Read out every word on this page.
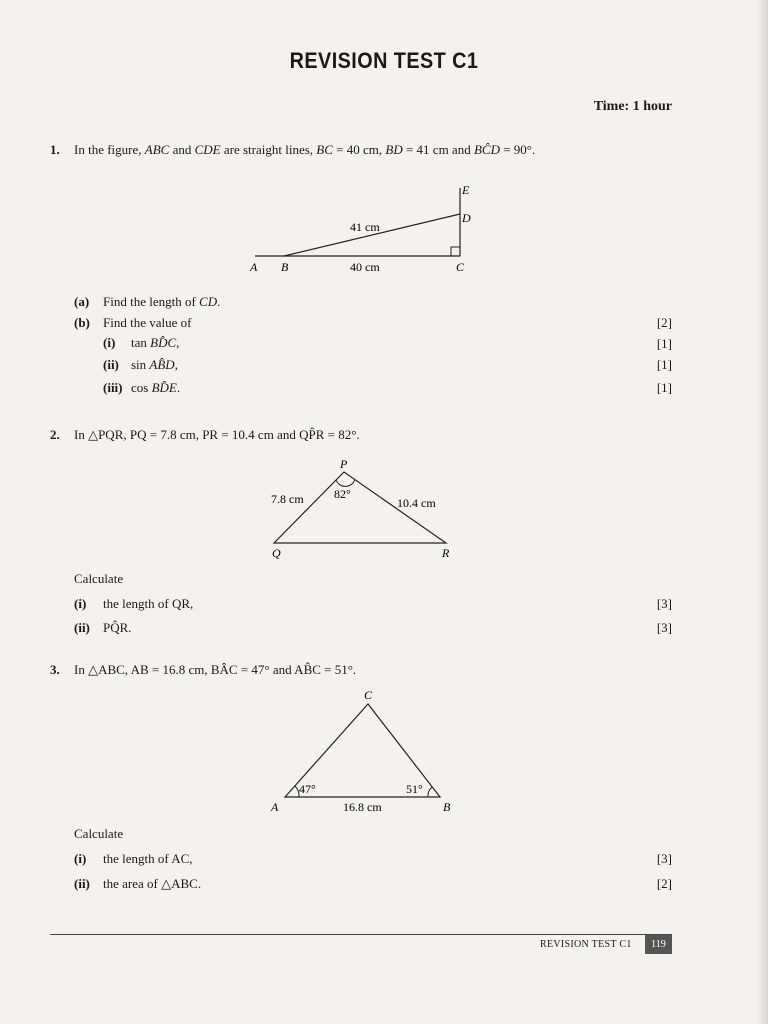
REVISION TEST C1
Time: 1 hour
1. In the figure, ABC and CDE are straight lines, BC = 40 cm, BD = 41 cm and BĈD = 90°.
A B	C
D
E
41 cm
40 cm
(a) Find the length of CD.
(b) Find the value of	[2]
(i) tan BD̂C,	[1]
(ii) sin AB̂D,	[1]
(iii) cos BD̂E.	[1]
2. In △PQR, PQ = 7.8 cm, PR = 10.4 cm and QP̂R = 82°.
P
Q	R
7.8 cm	10.4 cm
82°
Calculate
(i) the length of QR,	[3]
(ii) PQ̂R.	[3]
3. In △ABC, AB = 16.8 cm, BÂC = 47° and AB̂C = 51°.
C
A	B
16.8 cm
47°	51°
Calculate
(i) the length of AC,	[3]
(ii) the area of △ABC.	[2]
REVISION TEST C1	119
